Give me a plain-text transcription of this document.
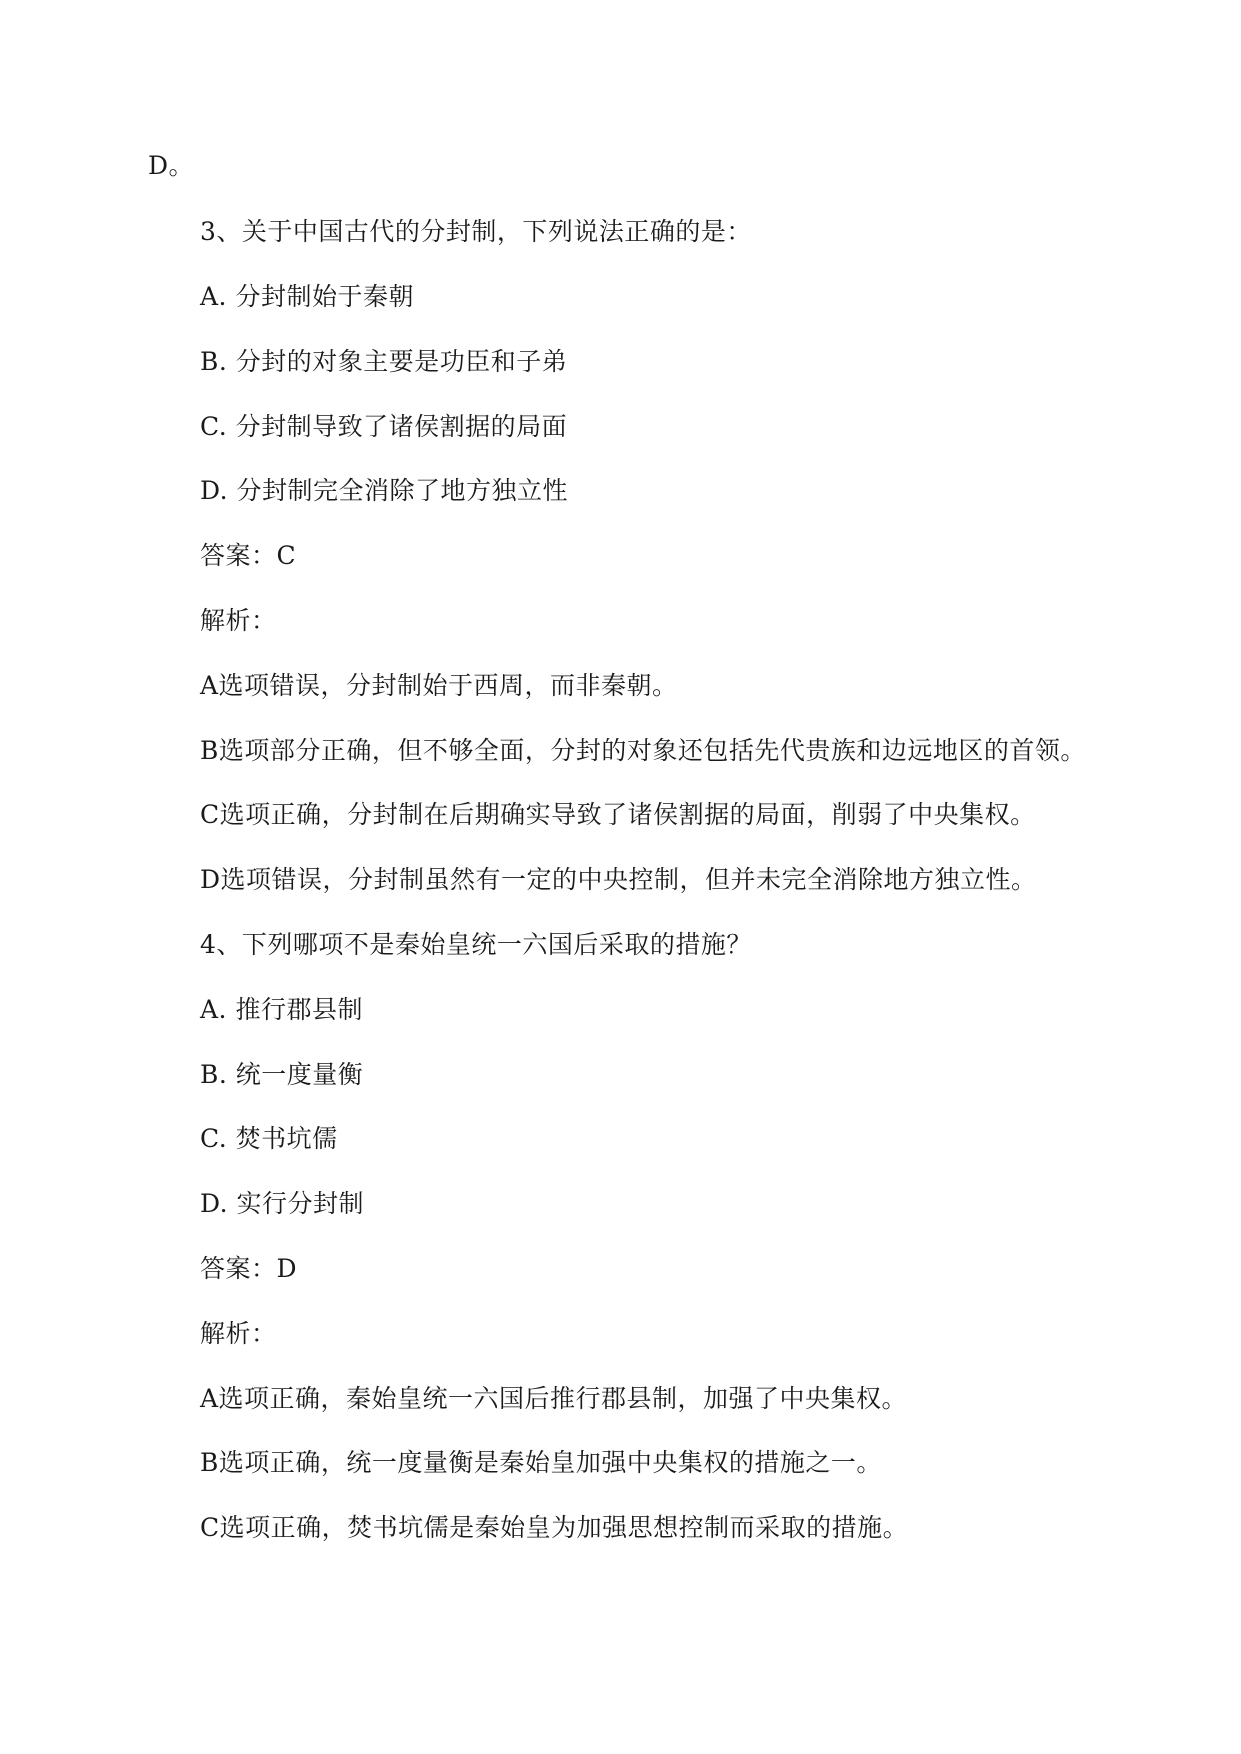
D。
3、关于中国古代的分封制，下列说法正确的是：
A. 分封制始于秦朝
B. 分封的对象主要是功臣和子弟
C. 分封制导致了诸侯割据的局面
D. 分封制完全消除了地方独立性
答案：C
解析：
A选项错误，分封制始于西周，而非秦朝。
B选项部分正确，但不够全面，分封的对象还包括先代贵族和边远地区的首领。
C选项正确，分封制在后期确实导致了诸侯割据的局面，削弱了中央集权。
D选项错误，分封制虽然有一定的中央控制，但并未完全消除地方独立性。
4、下列哪项不是秦始皇统一六国后采取的措施？
A. 推行郡县制
B. 统一度量衡
C. 焚书坑儒
D. 实行分封制
答案：D
解析：
A选项正确，秦始皇统一六国后推行郡县制，加强了中央集权。
B选项正确，统一度量衡是秦始皇加强中央集权的措施之一。
C选项正确，焚书坑儒是秦始皇为加强思想控制而采取的措施。
